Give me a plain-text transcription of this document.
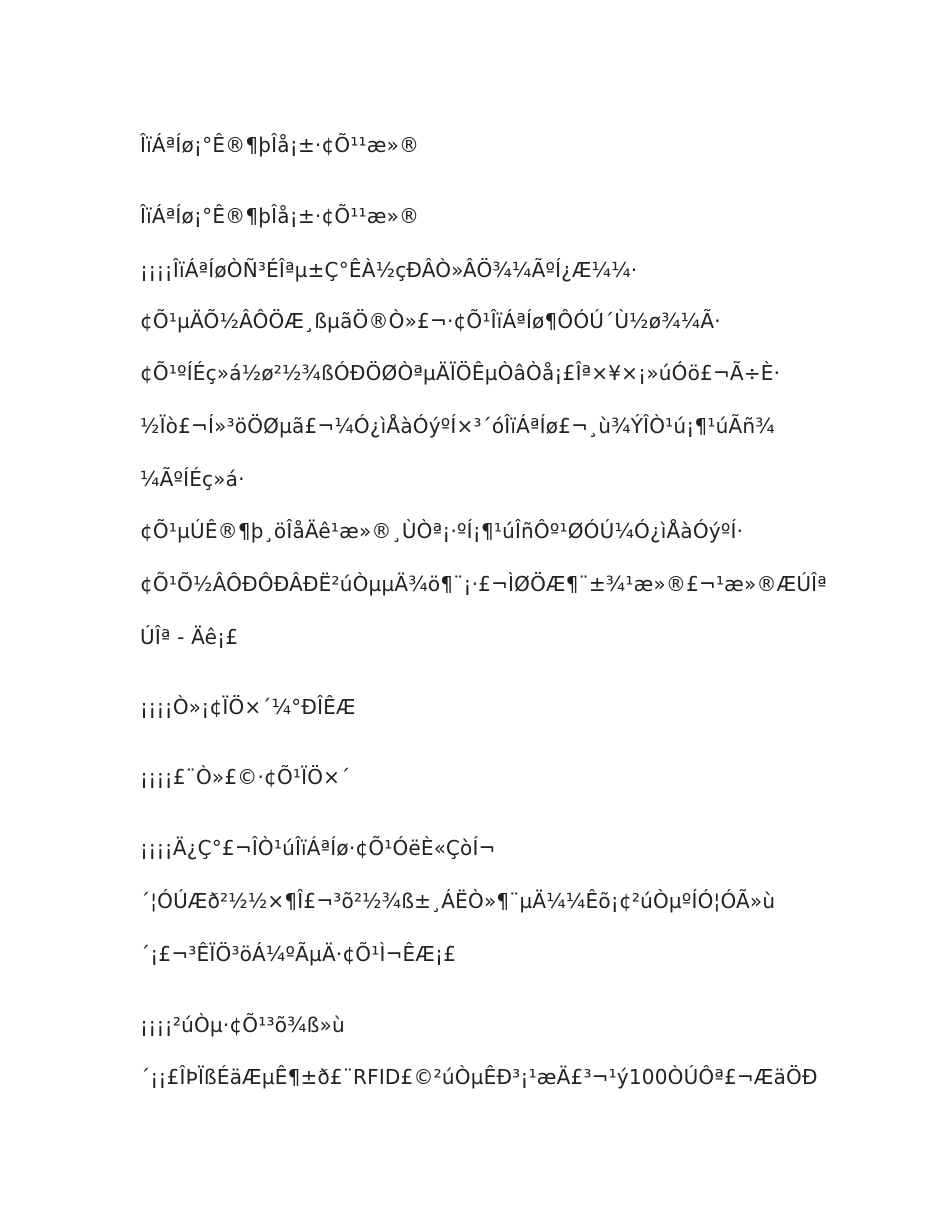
ÎïÁªÍø¡°Ê®¶þÎå¡±·¢Õ¹¹æ»®
ÎïÁªÍø¡°Ê®¶þÎå¡±·¢Õ¹¹æ»®
¡¡¡¡ÎïÁªÍøÒÑ³ÉÎªµ±Ç°ÊÀ½çÐÂÒ»ÂÖ¾¼ÃºÍ¿Æ¼¼·
¢Õ¹µÄÕ½ÂÔÖÆ¸ßµãÖ®Ò»£¬·¢Õ¹ÎïÁªÍø¶ÔÓÚ´Ù½ø¾¼Ã·
¢Õ¹ºÍÉç»á½ø²½¾ßÓÐÖØÒªµÄÏÖÊµÒâÒå¡£Îª×¥×¡»úÓö£¬Ã÷È·
½Ïò£¬Í»³öÖØµã£¬¼Ó¿ìÅàÓýºÍ×³´óÎïÁªÍø£¬¸ù¾ÝÎÒ¹ú¡¶¹úÃñ¾
¼ÃºÍÉç»á·
¢Õ¹µÚÊ®¶þ¸öÎåÄê¹æ»®¸ÙÒª¡·ºÍ¡¶¹úÎñÔº¹ØÓÚ¼Ó¿ìÅàÓýºÍ·
¢Õ¹Õ½ÂÔÐÔÐÂÐË²úÒµµÄ¾ö¶¨¡·£¬ÌØÖÆ¶¨±¾¹æ»®£¬¹æ»®ÆÚÎª
ÚÎª - Äê¡£
¡¡¡¡Ò»¡¢ÏÖ×´¼°ÐÎÊÆ
¡¡¡¡£¨Ò»£©·¢Õ¹ÏÖ×´
¡¡¡¡Ä¿Ç°£¬ÎÒ¹úÎïÁªÍø·¢Õ¹ÓëÈ«ÇòÍ¬
´¦ÓÚÆð²½½×¶Î£¬³õ²½¾ß±¸ÁËÒ»¶¨µÄ¼¼Êõ¡¢²úÒµºÍÓ¦ÓÃ»ù
´¡£¬³ÊÏÖ³öÁ¼ºÃµÄ·¢Õ¹Ì¬ÊÆ¡£
¡¡¡¡²úÒµ·¢Õ¹³õ¾ß»ù
´¡¡£ÎÞÏßÉäÆµÊ¶±ð£¨RFID£©²úÒµÊÐ³¡¹æÄ£³¬¹ý100ÒÚÔª£¬ÆäÖÐ
